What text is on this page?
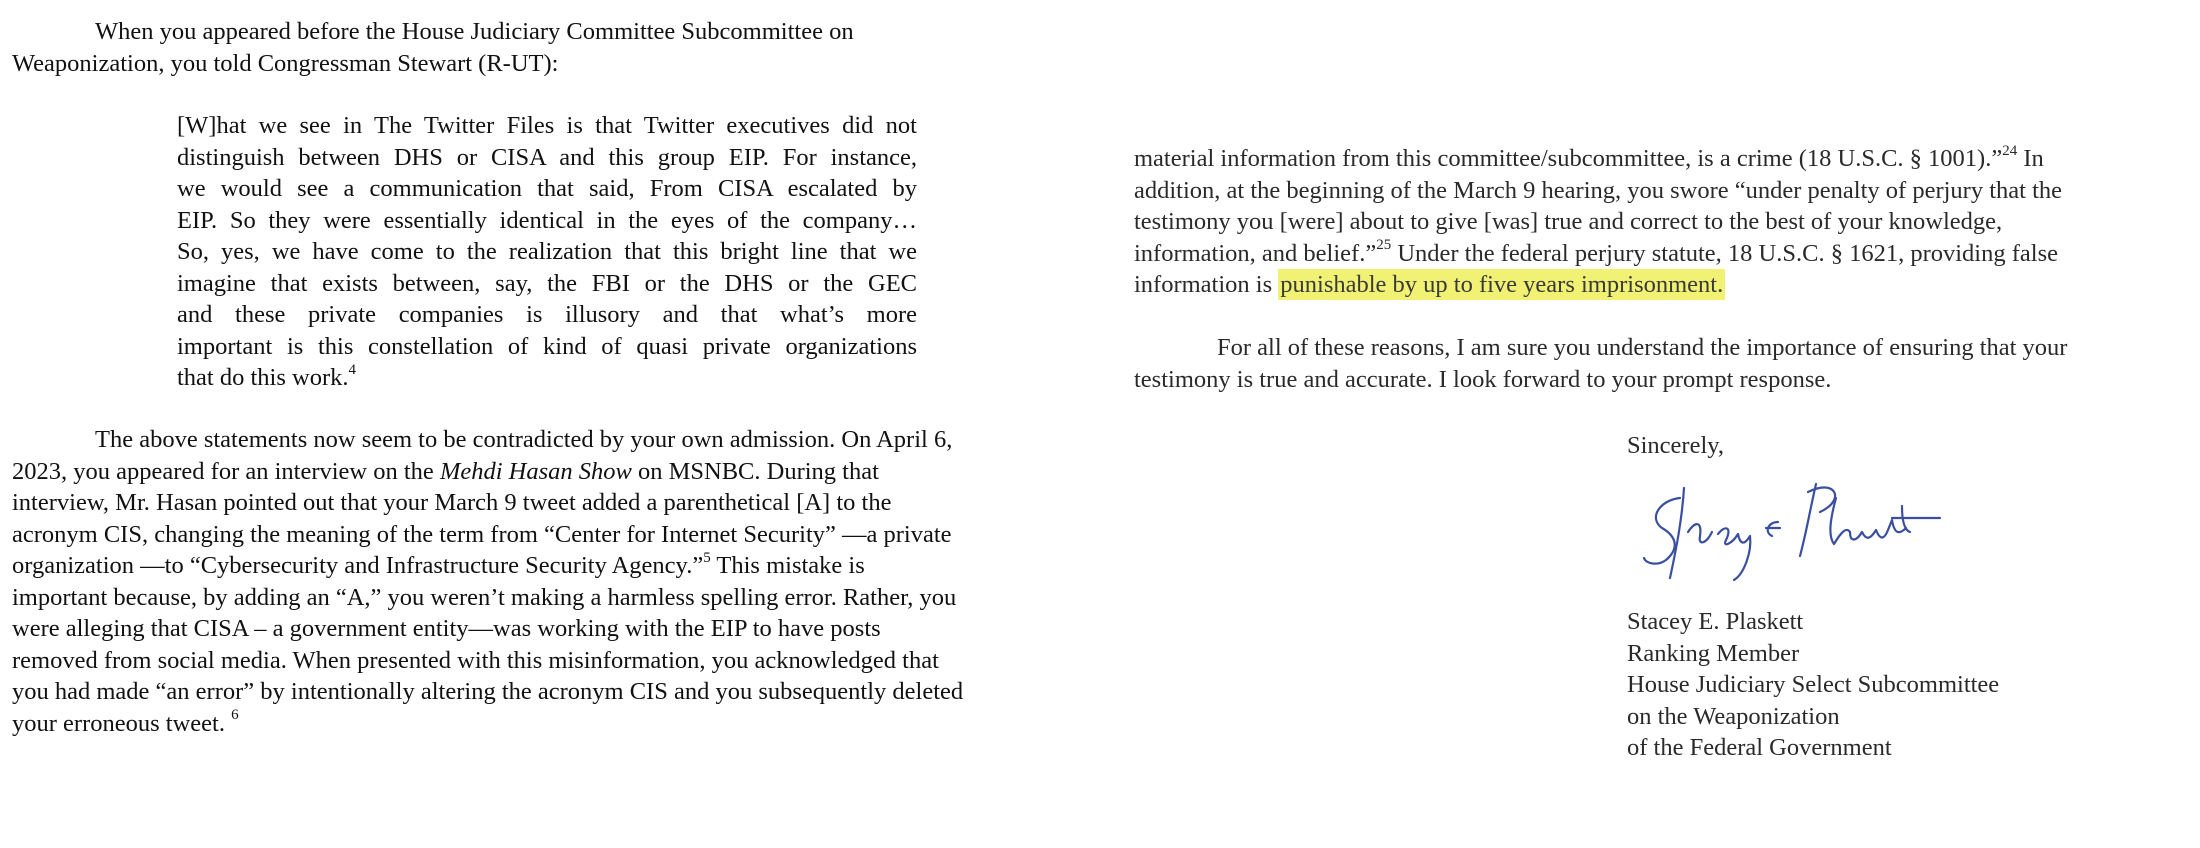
When you appeared before the House Judiciary Committee Subcommittee on
Weaponization, you told Congressman Stewart (R-UT):
[W]hat we see in The Twitter Files is that Twitter executives did not
distinguish between DHS or CISA and this group EIP. For instance,
we would see a communication that said, From CISA escalated by
EIP. So they were essentially identical in the eyes of the company…
So, yes, we have come to the realization that this bright line that we
imagine that exists between, say, the FBI or the DHS or the GEC
and these private companies is illusory and that what’s more
important is this constellation of kind of quasi private organizations
that do this work.$^4$
The above statements now seem to be contradicted by your own admission. On April 6,
2023, you appeared for an interview on the Mehdi Hasan Show on MSNBC. During that
interview, Mr. Hasan pointed out that your March 9 tweet added a parenthetical [A] to the
acronym CIS, changing the meaning of the term from “Center for Internet Security” —a private
organization —to “Cybersecurity and Infrastructure Security Agency.”$^5$ This mistake is
important because, by adding an “A,” you weren’t making a harmless spelling error. Rather, you
were alleging that CISA – a government entity—was working with the EIP to have posts
removed from social media. When presented with this misinformation, you acknowledged that
you had made “an error” by intentionally altering the acronym CIS and you subsequently deleted
your erroneous tweet. $^6$
material information from this committee/subcommittee, is a crime (18 U.S.C. § 1001).”$^{24}$ In
addition, at the beginning of the March 9 hearing, you swore “under penalty of perjury that the
testimony you [were] about to give [was] true and correct to the best of your knowledge,
information, and belief.”$^{25}$ Under the federal perjury statute, 18 U.S.C. § 1621, providing false
information is punishable by up to five years imprisonment.
For all of these reasons, I am sure you understand the importance of ensuring that your
testimony is true and accurate. I look forward to your prompt response.
Sincerely,
Stacey E. Plaskett
Ranking Member
House Judiciary Select Subcommittee
on the Weaponization
of the Federal Government
